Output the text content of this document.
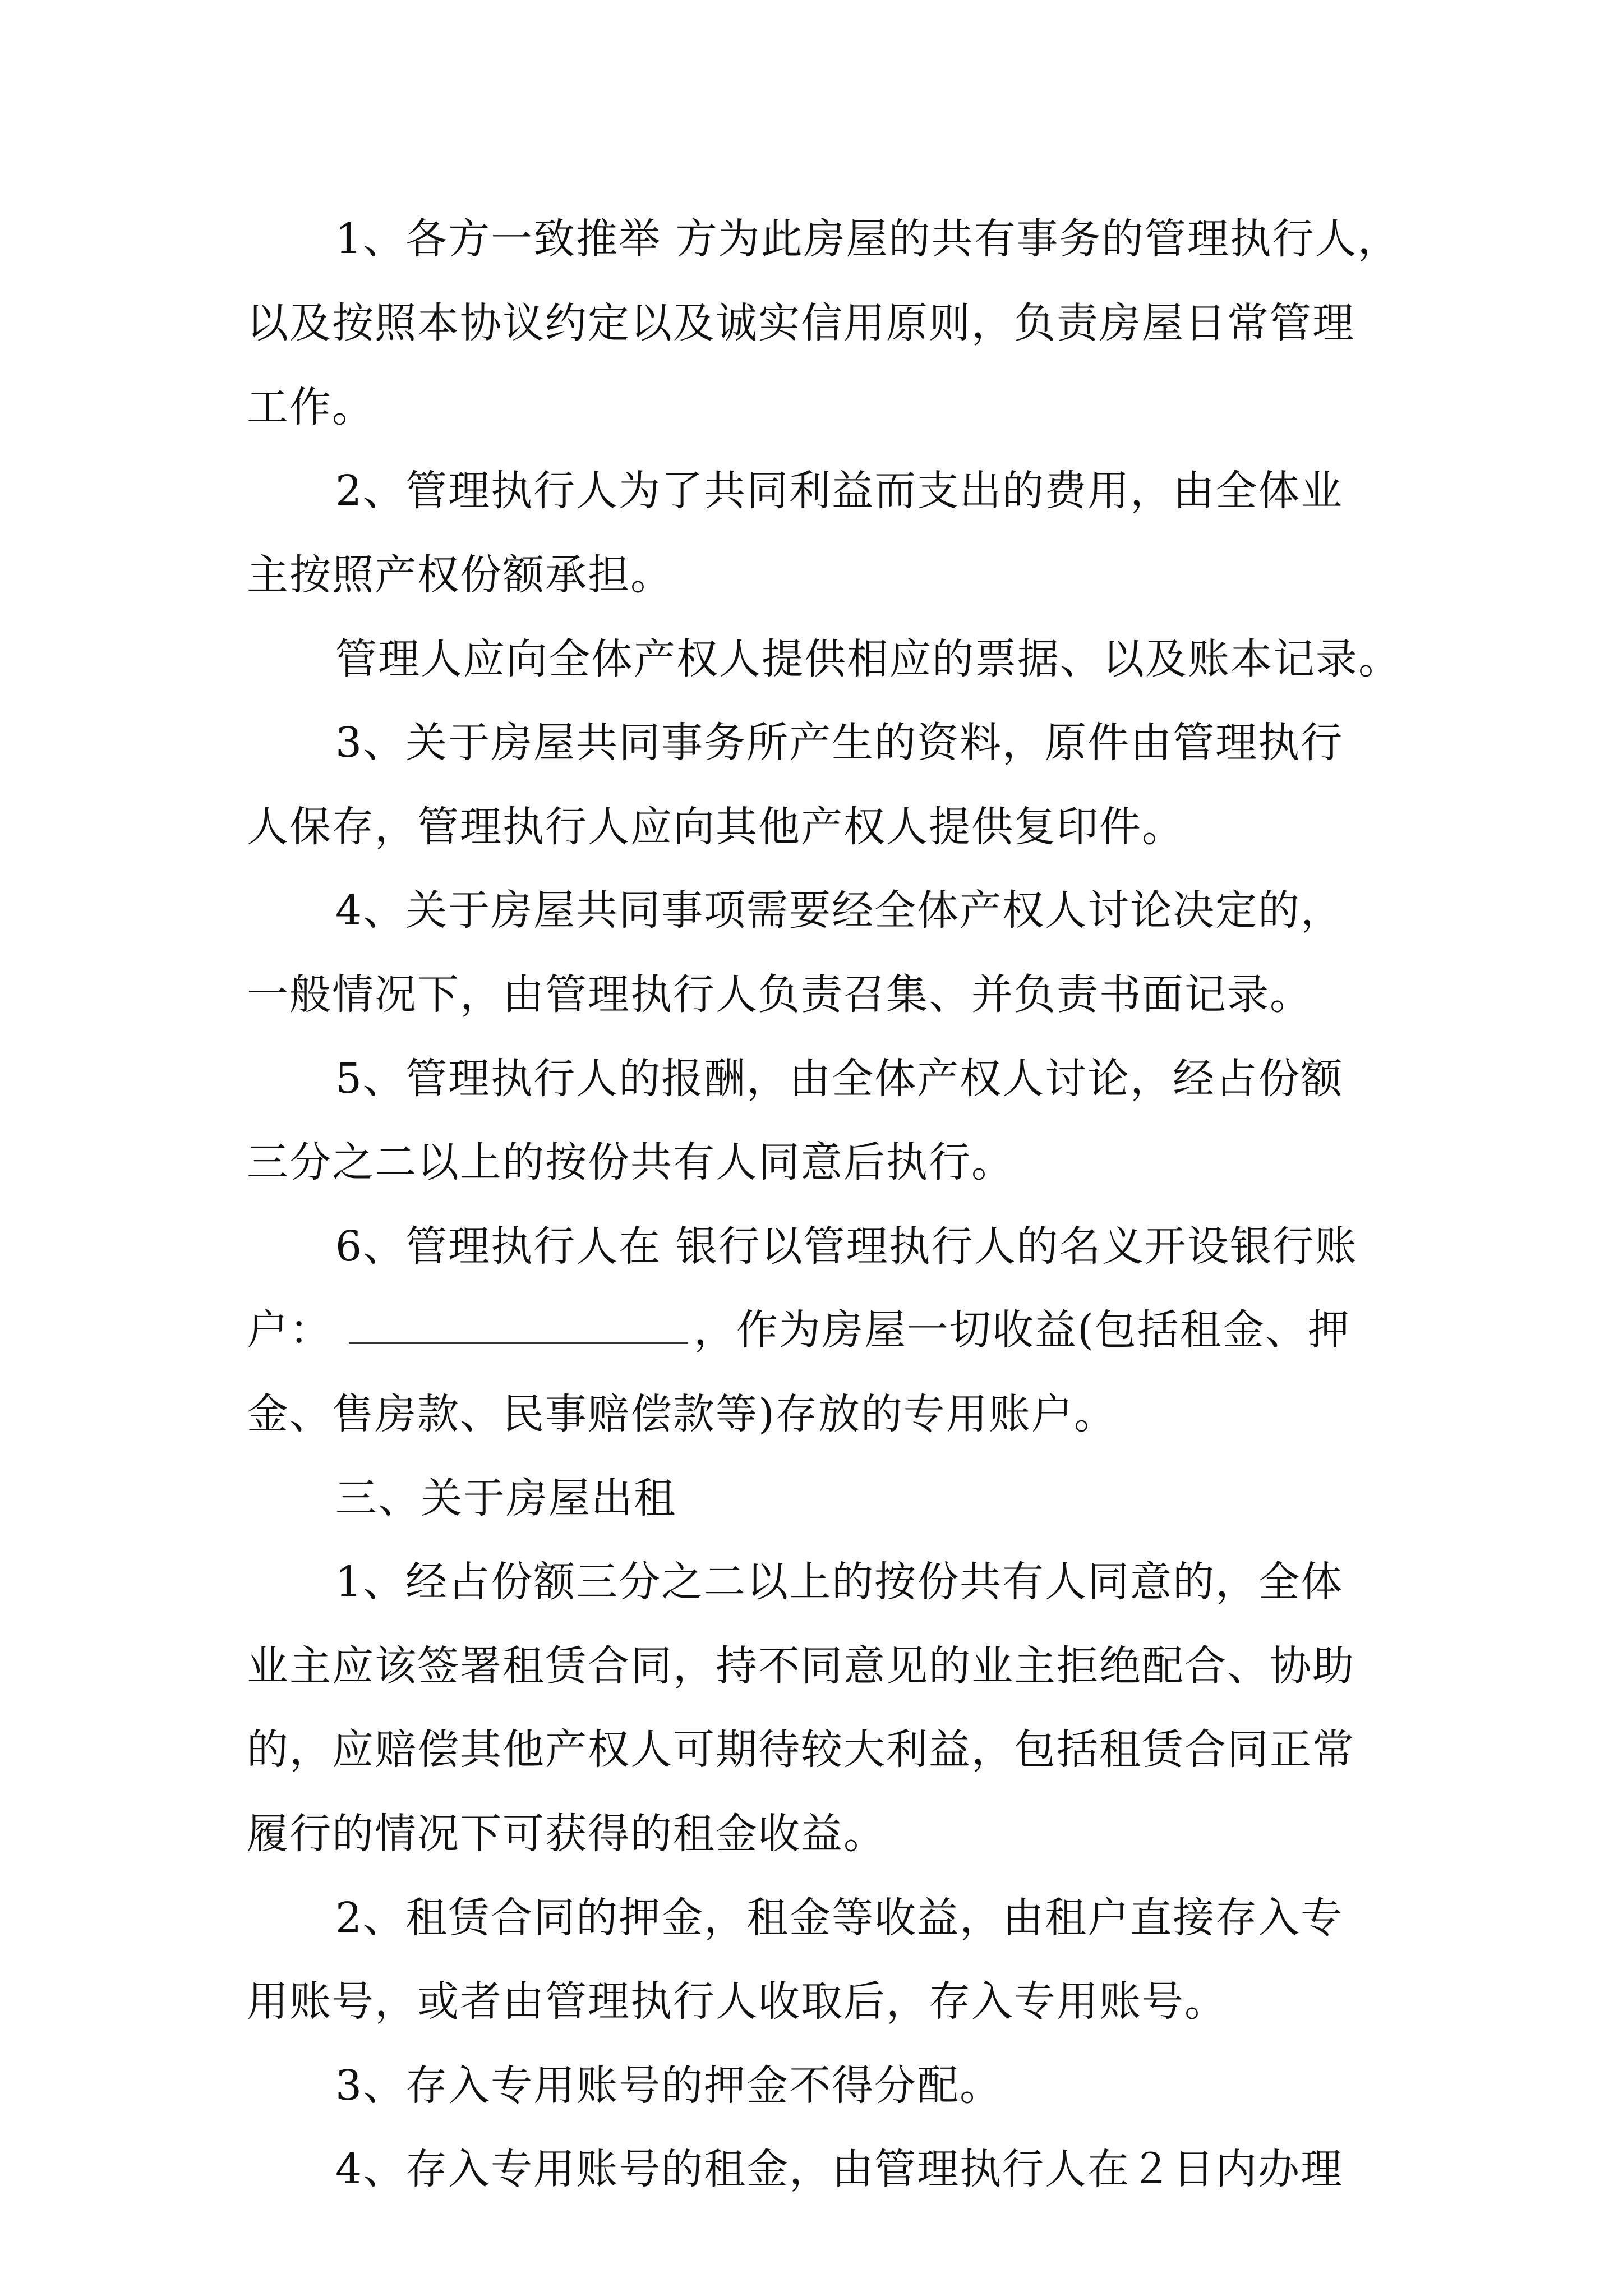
1、各方一致推举 方为此房屋的共有事务的管理执行人，

以及按照本协议约定以及诚实信用原则，负责房屋日常管理

工作。

2、管理执行人为了共同利益而支出的费用，由全体业

主按照产权份额承担。

管理人应向全体产权人提供相应的票据、以及账本记录。

3、关于房屋共同事务所产生的资料，原件由管理执行

人保存，管理执行人应向其他产权人提供复印件。

4、关于房屋共同事项需要经全体产权人讨论决定的，

一般情况下，由管理执行人负责召集、并负责书面记录。

5、管理执行人的报酬，由全体产权人讨论，经占份额

三分之二以上的按份共有人同意后执行。

6、管理执行人在 银行以管理执行人的名义开设银行账

户：	，作为房屋一切收益(包括租金、押

金、售房款、民事赔偿款等)存放的专用账户。

三、关于房屋出租

1、经占份额三分之二以上的按份共有人同意的，全体

业主应该签署租赁合同，持不同意见的业主拒绝配合、协助

的，应赔偿其他产权人可期待较大利益，包括租赁合同正常

履行的情况下可获得的租金收益。

2、租赁合同的押金，租金等收益，由租户直接存入专

用账号，或者由管理执行人收取后，存入专用账号。

3、存入专用账号的押金不得分配。

4、存入专用账号的租金，由管理执行人在２日内办理
